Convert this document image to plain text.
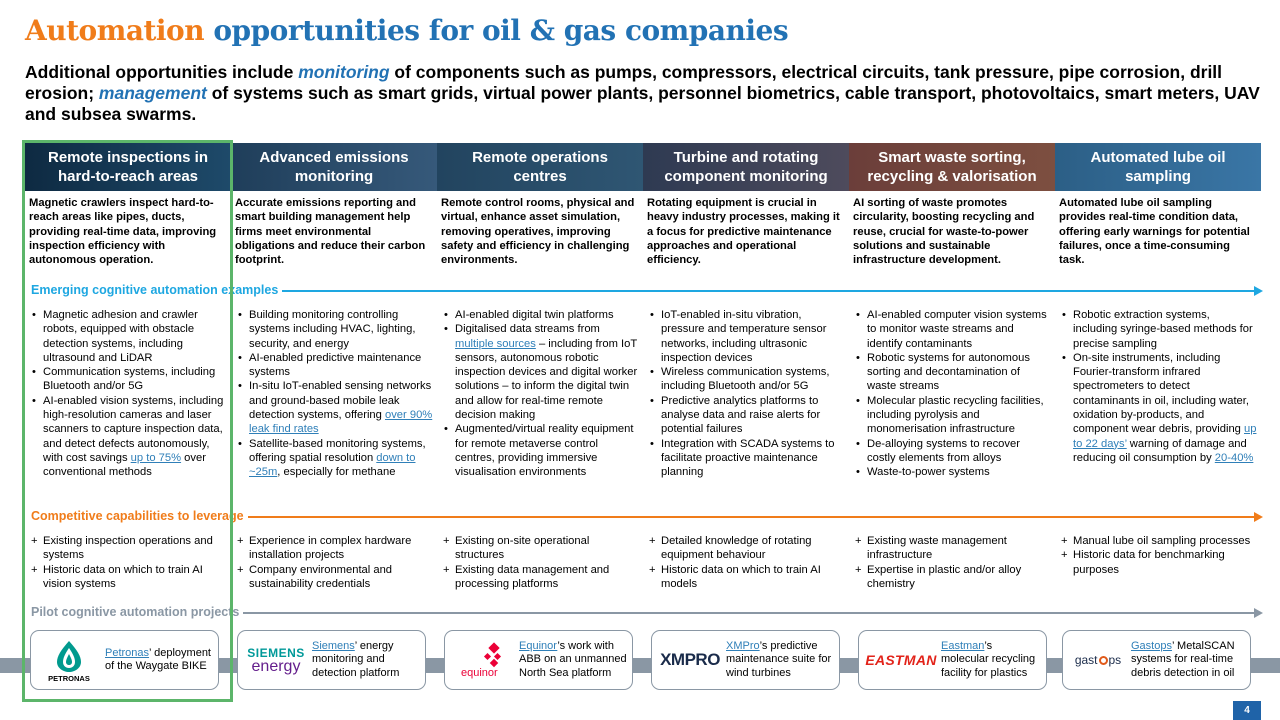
Automation opportunities for oil & gas companies
Additional opportunities include monitoring of components such as pumps, compressors, electrical circuits, tank pressure, pipe corrosion, drill erosion; management of systems such as smart grids, virtual power plants, personnel biometrics, cable transport, photovoltaics, smart meters, UAV and subsea swarms.
Remote inspections in hard-to-reach areas
Advanced emissions monitoring
Remote operations centres
Turbine and rotating component monitoring
Smart waste sorting, recycling & valorisation
Automated lube oil sampling
Magnetic crawlers inspect hard-to-reach areas like pipes, ducts, providing real-time data, improving inspection efficiency with autonomous operation.
Accurate emissions reporting and smart building management help firms meet environmental obligations and reduce their carbon footprint.
Remote control rooms, physical and virtual, enhance asset simulation, removing operatives, improving safety and efficiency in challenging environments.
Rotating equipment is crucial in heavy industry processes, making it a focus for predictive maintenance approaches and operational efficiency.
AI sorting of waste promotes circularity, boosting recycling and reuse, crucial for waste-to-power solutions and sustainable infrastructure development.
Automated lube oil sampling provides real-time condition data, offering early warnings for potential failures, once a time-consuming task.
Emerging cognitive automation examples
• Magnetic adhesion and crawler robots, equipped with obstacle detection systems, including ultrasound and LiDAR
• Communication systems, including Bluetooth and/or 5G
• AI-enabled vision systems, including high-resolution cameras and laser scanners to capture inspection data, and detect defects autonomously, with cost savings up to 75% over conventional methods
• Building monitoring controlling systems including HVAC, lighting, security, and energy
• AI-enabled predictive maintenance systems
• In-situ IoT-enabled sensing networks and ground-based mobile leak detection systems, offering over 90% leak find rates
• Satellite-based monitoring systems, offering spatial resolution down to ~25m, especially for methane
• AI-enabled digital twin platforms
• Digitalised data streams from multiple sources – including from IoT sensors, autonomous robotic inspection devices and digital worker solutions – to inform the digital twin and allow for real-time remote decision making
• Augmented/virtual reality equipment for remote metaverse control centres, providing immersive visualisation environments
• IoT-enabled in-situ vibration, pressure and temperature sensor networks, including ultrasonic inspection devices
• Wireless communication systems, including Bluetooth and/or 5G
• Predictive analytics platforms to analyse data and raise alerts for potential failures
• Integration with SCADA systems to facilitate proactive maintenance planning
• AI-enabled computer vision systems to monitor waste streams and identify contaminants
• Robotic systems for autonomous sorting and decontamination of waste streams
• Molecular plastic recycling facilities, including pyrolysis and monomerisation infrastructure
• De-alloying systems to recover costly elements from alloys
• Waste-to-power systems
• Robotic extraction systems, including syringe-based methods for precise sampling
• On-site instruments, including Fourier-transform infrared spectrometers to detect contaminants in oil, including water, oxidation by-products, and component wear debris, providing up to 22 days’ warning of damage and reducing oil consumption by 20-40%
Competitive capabilities to leverage
+ Existing inspection operations and systems
+ Historic data on which to train AI vision systems
+ Experience in complex hardware installation projects
+ Company environmental and sustainability credentials
+ Existing on-site operational structures
+ Existing data management and processing platforms
+ Detailed knowledge of rotating equipment behaviour
+ Historic data on which to train AI models
+ Existing waste management infrastructure
+ Expertise in plastic and/or alloy chemistry
+ Manual lube oil sampling processes
+ Historic data for benchmarking purposes
Pilot cognitive automation projects
PETRONAS
Petronas’ deployment of the Waygate BIKE
SIEMENS
energy
Siemens’ energy monitoring and detection platform	equinor
Equinor’s work with ABB on an unmanned North Sea platform
XMPRO
XMPro’s predictive maintenance suite for wind turbines
EASTMAN
Eastman’s molecular recycling facility for plastics
gast ps
Gastops’ MetalSCAN systems for real-time debris detection in oil
4
